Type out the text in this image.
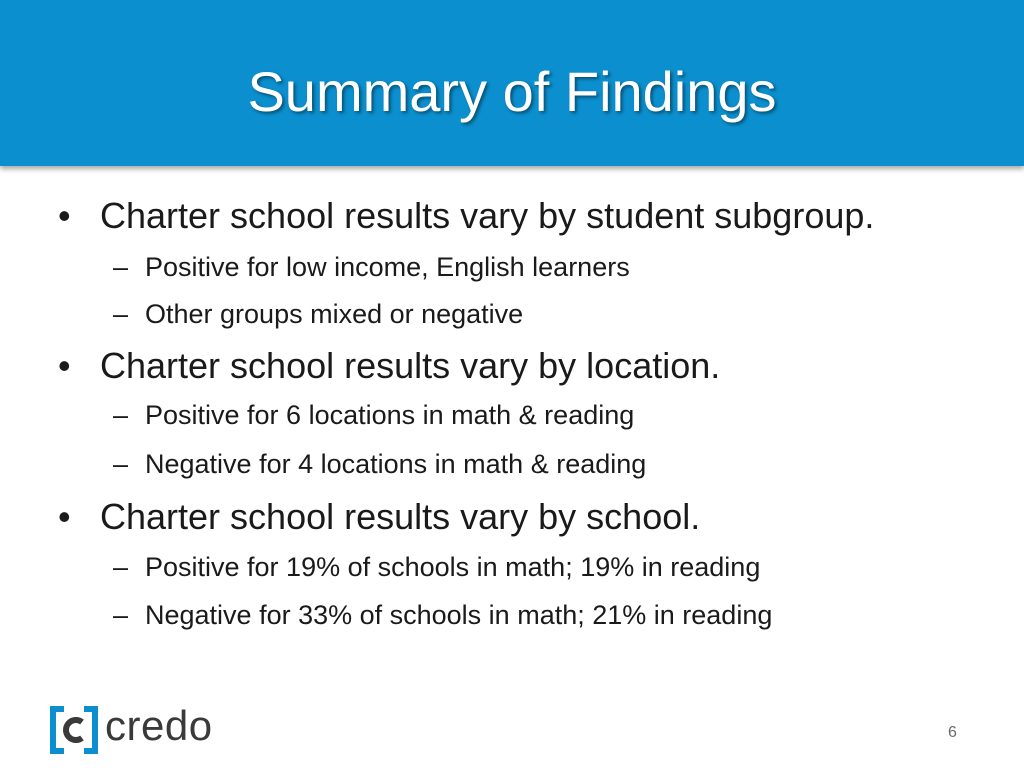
Summary of Findings
• Charter school results vary by student subgroup.
– Positive for low income, English learners
– Other groups mixed or negative
• Charter school results vary by location.
– Positive for 6 locations in math & reading
– Negative for 4 locations in math & reading
• Charter school results vary by school.
– Positive for 19% of schools in math; 19% in reading
– Negative for 33% of schools in math; 21% in reading
credo	6
